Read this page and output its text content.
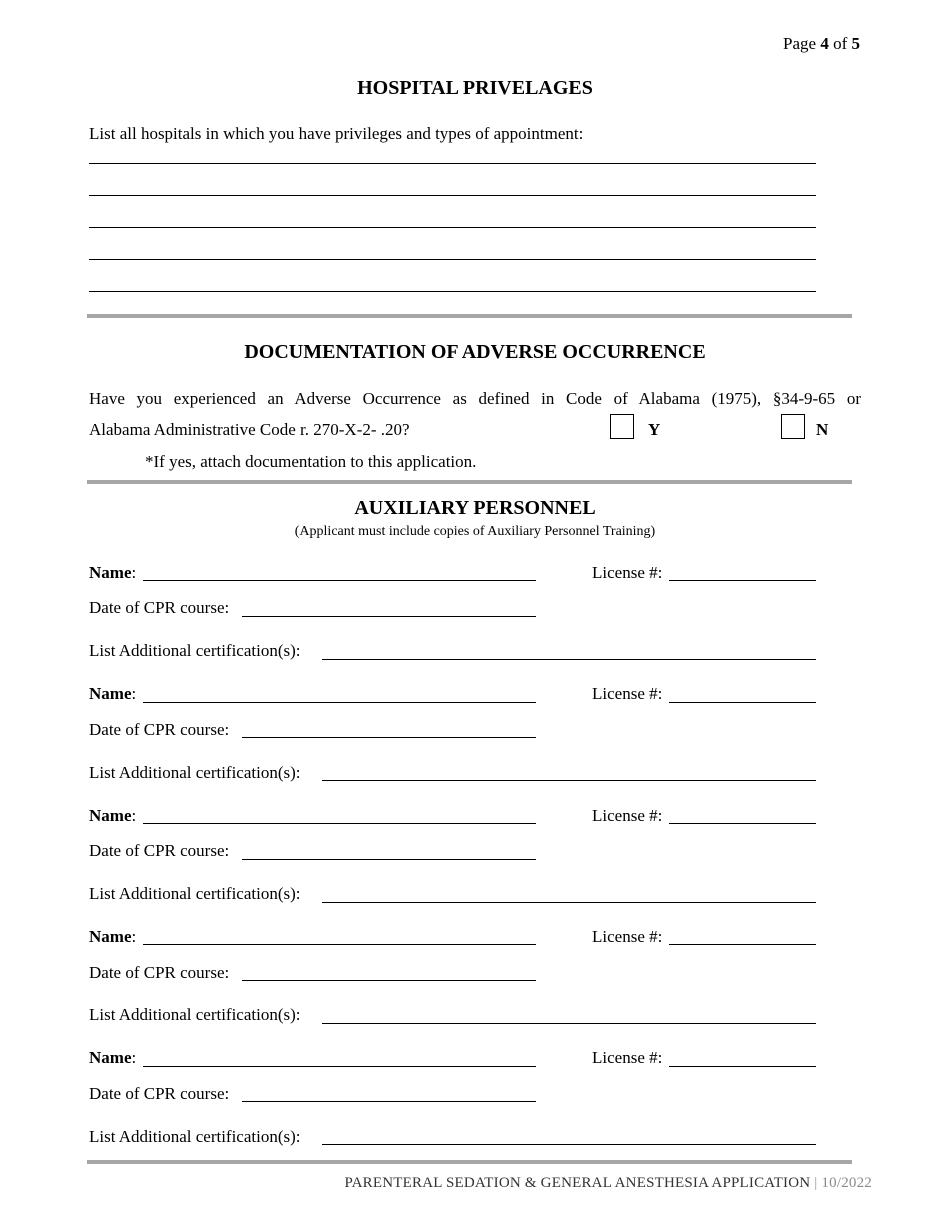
Page 4 of 5
HOSPITAL PRIVELAGES
List all hospitals in which you have privileges and types of appointment:
DOCUMENTATION OF ADVERSE OCCURRENCE
Have you experienced an Adverse Occurrence as defined in Code of Alabama (1975), §34-9-65 or
Alabama Administrative Code r. 270-X-2- .20?	Y	N
*If yes, attach documentation to this application.
AUXILIARY PERSONNEL
(Applicant must include copies of Auxiliary Personnel Training)
Name:	License #:
Date of CPR course:
List Additional certification(s):
Name:	License #:
Date of CPR course:
List Additional certification(s):
Name:	License #:
Date of CPR course:
List Additional certification(s):
Name:	License #:
Date of CPR course:
List Additional certification(s):
Name:	License #:
Date of CPR course:
List Additional certification(s):
PARENTERAL SEDATION & GENERAL ANESTHESIA APPLICATION | 10/2022
